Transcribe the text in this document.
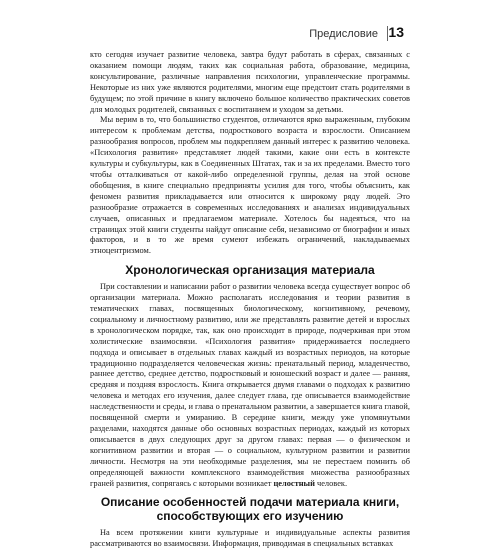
Предисловие 13

кто сегодня изучает развитие человека, завтра будут работать в сферах, связанных с оказанием помощи людям, таких как социальная работа, образование, медицина, консультирование, различные направления психологии, управленческие программы. Некоторые из них уже являются родителями, многим еще предстоит стать родителями в будущем; по этой причине в книгу включено большое количество практических советов для молодых родителей, связанных с воспитанием и уходом за детьми.

Мы верим в то, что большинство студентов, отличаются ярко выраженным, глубоким интересом к проблемам детства, подросткового возраста и взрослости. Описанием разнообразия вопросов, проблем мы подкрепляем данный интерес к развитию человека. «Психология развития» представляет людей такими, какие они есть в контексте культуры и субкультуры, как в Соединенных Штатах, так и за их пределами. Вместо того чтобы отталкиваться от какой-либо определенной группы, делая на этой основе обобщения, в книге специально предприняты усилия для того, чтобы объяснить, как феномен развития прикладывается или относится к широкому ряду людей. Это разнообразие отражается в современных исследованиях и анализах индивидуальных случаев, описанных и предлагаемом материале. Хотелось бы надеяться, что на страницах этой книги студенты найдут описание себя, независимо от биографии и иных факторов, и в то же время сумеют избежать ограничений, накладываемых этноцентризмом.

Хронологическая организация материала

При составлении и написании работ о развитии человека всегда существует вопрос об организации материала. Можно располагать исследования и теории развития в тематических главах, посвященных биологическому, когнитивному, речевому, социальному и личностному развитию, или же представлять развитие детей и взрослых в хронологическом порядке, так, как оно происходит в природе, подчеркивая при этом холистические взаимосвязи. «Психология развития» придерживается последнего подхода и описывает в отдельных главах каждый из возрастных периодов, на которые традиционно подразделяется человеческая жизнь: пренатальный период, младенчество, раннее детство, среднее детство, подростковый и юношеский возраст и далее — ранняя, средняя и поздняя взрослость. Книга открывается двумя главами о подходах к развитию человека и методах его изучения, далее следует глава, где описывается взаимодействие наследственности и среды, и глава о пренатальном развитии, а завершается книга главой, посвященной смерти и умиранию. В середине книги, между уже упомянутыми разделами, находятся данные обо основных возрастных периодах, каждый из которых описывается в двух следующих друг за другом главах: первая — о физическом и когнитивном развитии и вторая — о социальном, культурном развитии и развитии личности. Несмотря на эти необходимые разделения, мы не перестаем помнить об определяющей важности комплексного взаимодействия множества разнообразных граней развития, сопрягаясь с которыми возникает целостный человек.

Описание особенностей подачи материала книги,
способствующих его изучению

На всем протяжении книги культурные и индивидуальные аспекты развития рассматриваются во взаимосвязи. Информация, приводимая в специальных вставках
